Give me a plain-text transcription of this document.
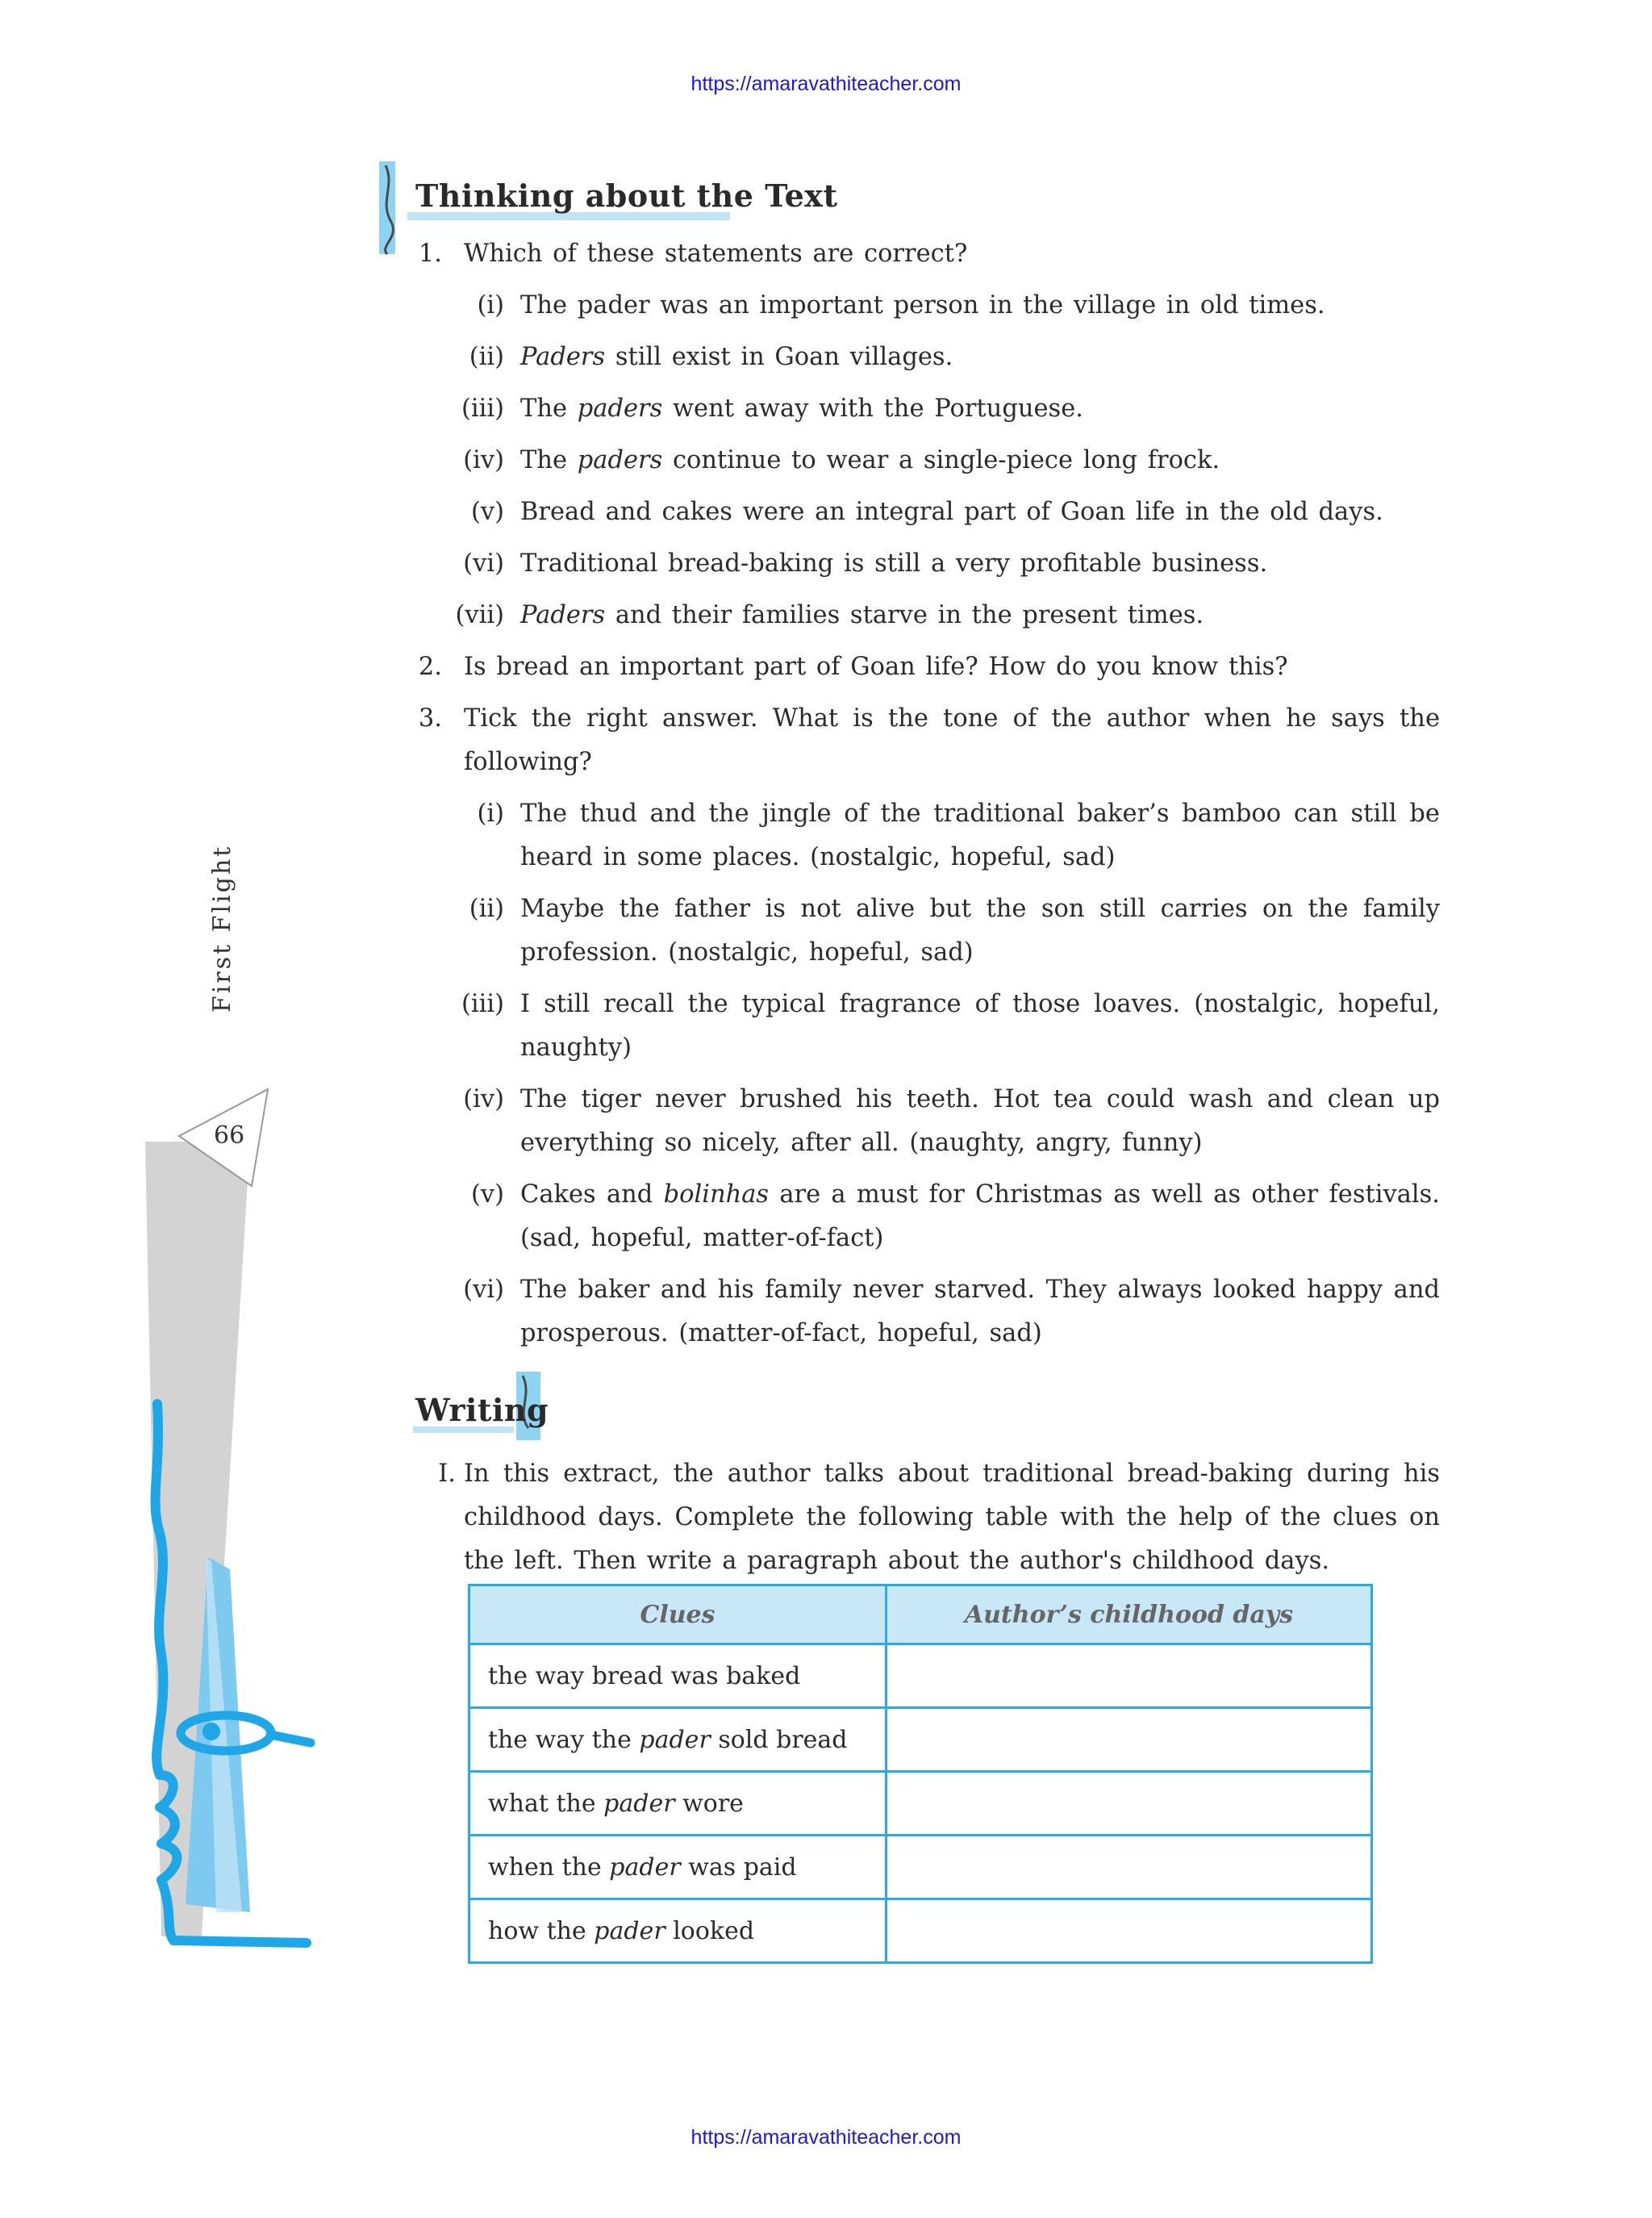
https://amaravathiteacher.com
Thinking about the Text
1. Which of these statements are correct?
(i) The pader was an important person in the village in old times.
(ii) Paders still exist in Goan villages.
(iii) The paders went away with the Portuguese.
(iv) The paders continue to wear a single-piece long frock.
(v) Bread and cakes were an integral part of Goan life in the old days.
(vi) Traditional bread-baking is still a very profitable business.
(vii) Paders and their families starve in the present times.
2. Is bread an important part of Goan life? How do you know this?
3. Tick the right answer. What is the tone of the author when he says the following?
(i) The thud and the jingle of the traditional baker’s bamboo can still be heard in some places. (nostalgic, hopeful, sad)
(ii) Maybe the father is not alive but the son still carries on the family profession. (nostalgic, hopeful, sad)
(iii) I still recall the typical fragrance of those loaves. (nostalgic, hopeful, naughty)
(iv) The tiger never brushed his teeth. Hot tea could wash and clean up everything so nicely, after all. (naughty, angry, funny)
(v) Cakes and bolinhas are a must for Christmas as well as other festivals. (sad, hopeful, matter-of-fact)
(vi) The baker and his family never starved. They always looked happy and prosperous. (matter-of-fact, hopeful, sad)
Writing
I. In this extract, the author talks about traditional bread-baking during his childhood days. Complete the following table with the help of the clues on the left. Then write a paragraph about the author's childhood days.
Clues	Author’s childhood days
the way bread was baked	
the way the pader sold bread	
what the pader wore	
when the pader was paid	
how the pader looked	
First Flight
66
https://amaravathiteacher.com
